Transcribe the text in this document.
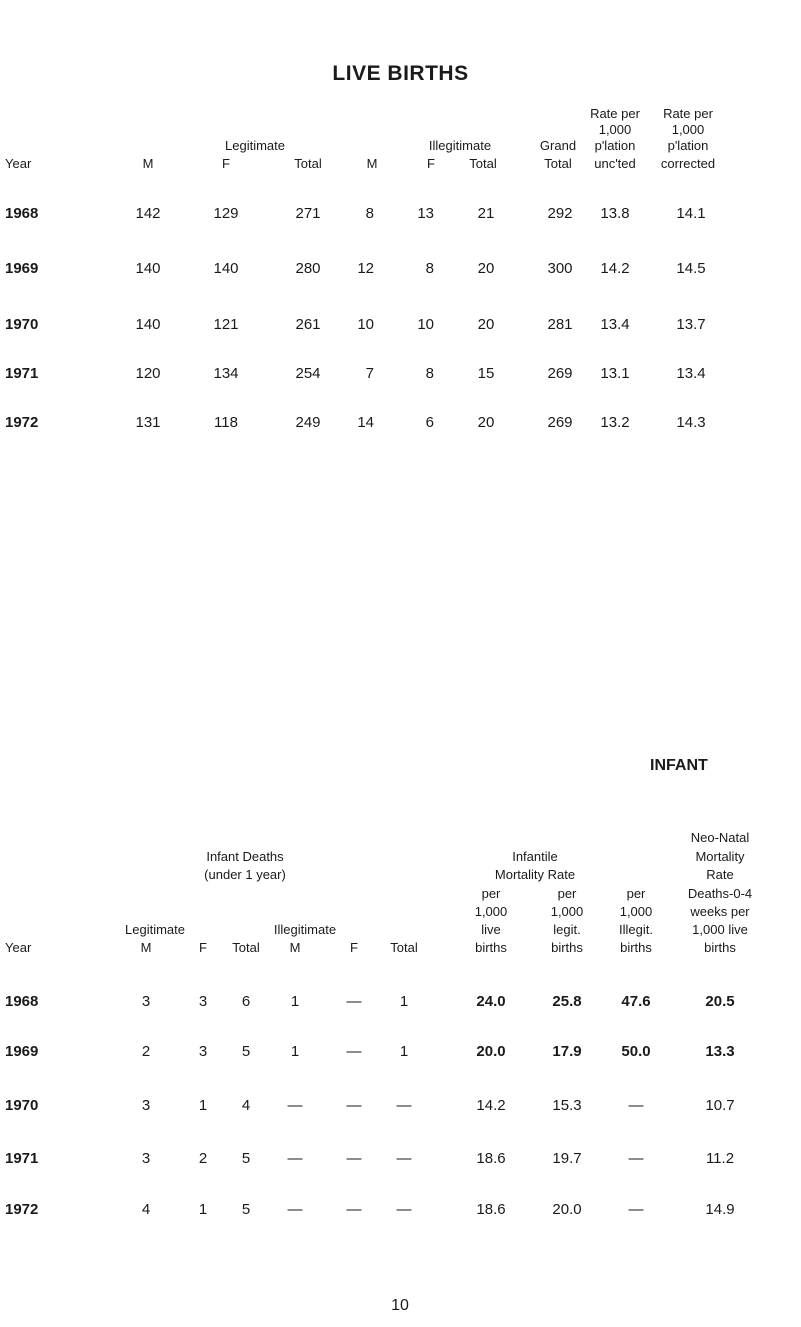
LIVE BIRTHS
Rate per
1,000
p'lation
unc'ted
Rate per
1,000
p'lation
corrected
Legitimate	Illegitimate	Grand
Year	M	F	Total	M	F	Total	Total
1968	142	129	271	8	13	21	292	13.8	14.1
1969	140	140	280	12	8	20	300	14.2	14.5
1970	140	121	261	10	10	20	281	13.4	13.7
1971	120	134	254	7	8	15	269	13.1	13.4
1972	131	118	249	14	6	20	269	13.2	14.3
INFANT
Neo-Natal
Infant Deaths	Infantile	Mortality
(under 1 year)	Mortality Rate	Rate
per	per	per	Deaths-0-4
1,000	1,000	1,000	weeks per
Legitimate	Illegitimate	live	legit.	Illegit.	1,000 live
Year	M	F	Total	M	F	Total	births	births	births	births
1968	3	3	6	1	—	1	24.0	25.8	47.6	20.5
1969	2	3	5	1	—	1	20.0	17.9	50.0	13.3
1970	3	1	4	—	—	—	14.2	15.3	—	10.7
1971	3	2	5	—	—	—	18.6	19.7	—	11.2
1972	4	1	5	—	—	—	18.6	20.0	—	14.9
10
